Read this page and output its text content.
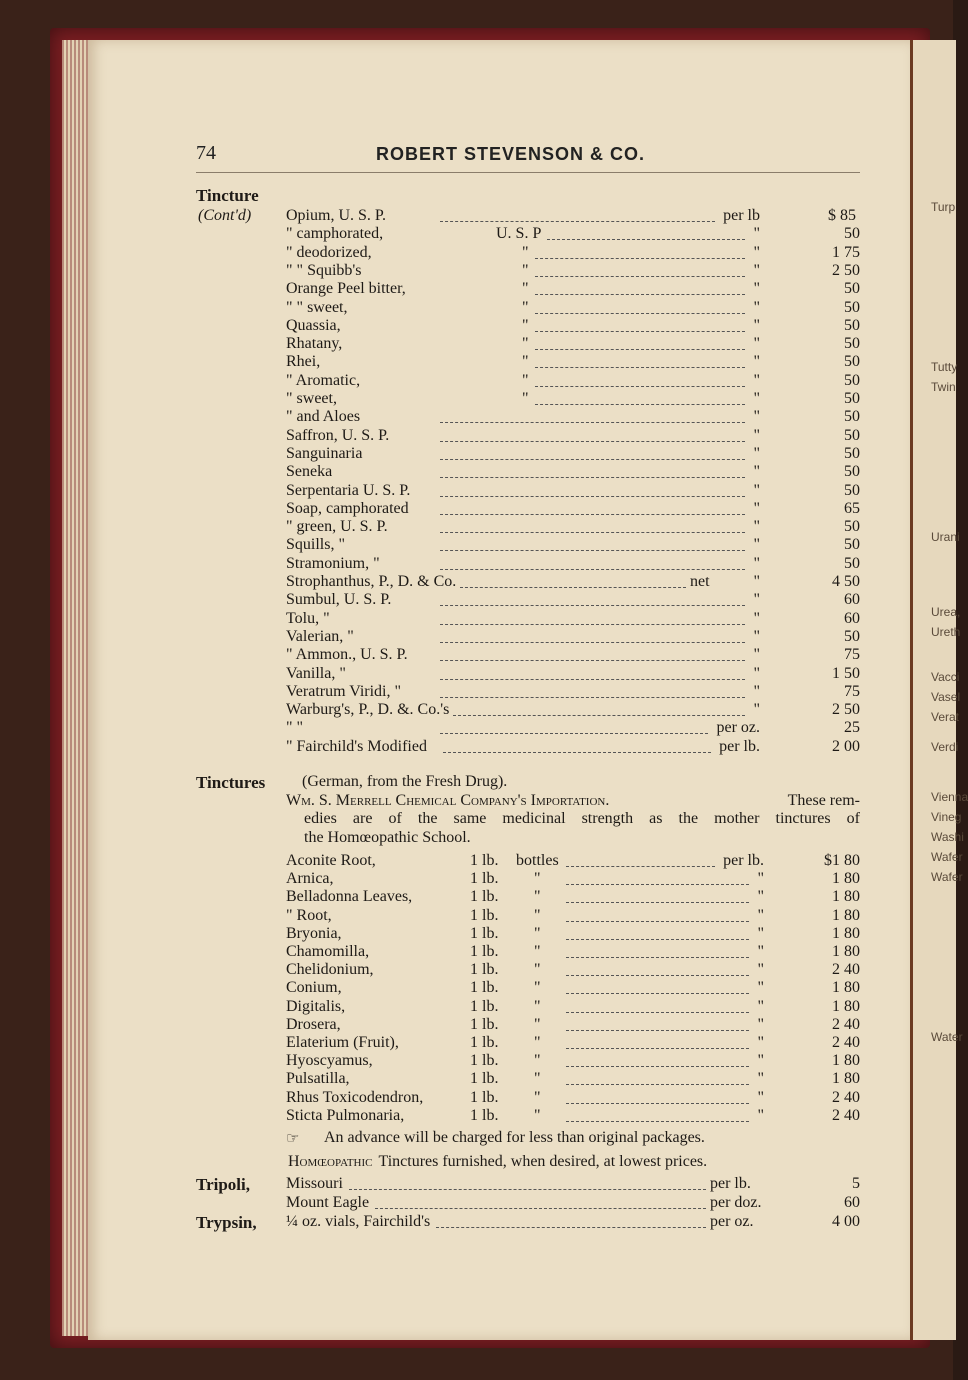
Turp
Tutty
Twin
Urani
Urea,
Ureth
Vacci
Vasel
Verat
Verdi
Vienna
Vineg
Washi
Wafer
Wafer
Water
74	ROBERT STEVENSON & CO.
Tincture
(Cont'd) Opium, U. S. P.	per lb	$ 85
" camphorated,	U. S. P	"	50
" deodorized,	"	"	1 75
" " Squibb's	"	"	2 50
Orange Peel bitter,	"	"	50
" " sweet,	"	"	50
Quassia,	"	"	50
Rhatany,	"	"	50
Rhei,	"	"	50
" Aromatic,	"	"	50
" sweet,	"	"	50
" and Aloes	"	50
Saffron, U. S. P.	"	50
Sanguinaria	"	50
Seneka	"	50
Serpentaria U. S. P.	"	50
Soap, camphorated	"	65
" green, U. S. P.	"	50
Squills, "	"	50
Stramonium, "	"	50
Strophanthus, P., D. & Co.	net	"	4 50
Sumbul, U. S. P.	"	60
Tolu, "	"	60
Valerian, "	"	50
" Ammon., U. S. P.	"	75
Vanilla, "	"	1 50
Veratrum Viridi, "	"	75
Warburg's, P., D. &. Co.'s	"	2 50
" "	per oz.	25
" Fairchild's Modified	per lb.	2 00
Tinctures (German, from the Fresh Drug).
Wm. S. Merrell Chemical Company's Importation.	These rem-
edies are of the same medicinal strength as the mother tinctures of
the Homœopathic School.
Aconite Root,	1 lb. bottles	per lb.	$1 80
Arnica,	1 lb. "	"	1 80
Belladonna Leaves,	1 lb. "	"	1 80
" Root,	1 lb. "	"	1 80
Bryonia,	1 lb. "	"	1 80
Chamomilla,	1 lb. "	"	1 80
Chelidonium,	1 lb. "	"	2 40
Conium,	1 lb. "	"	1 80
Digitalis,	1 lb. "	"	1 80
Drosera,	1 lb. "	"	2 40
Elaterium (Fruit),	1 lb. "	"	2 40
Hyoscyamus,	1 lb. "	"	1 80
Pulsatilla,	1 lb. "	"	1 80
Rhus Toxicodendron,	1 lb. "	"	2 40
Sticta Pulmonaria,	1 lb. "	"	2 40
☞ An advance will be charged for less than original packages.
Homœopathic Tinctures furnished, when desired, at lowest prices.
Tripoli, Missouri	per lb.	5
Mount Eagle	per doz.	60
Trypsin, ¼ oz. vials, Fairchild's	per oz.	4 00
